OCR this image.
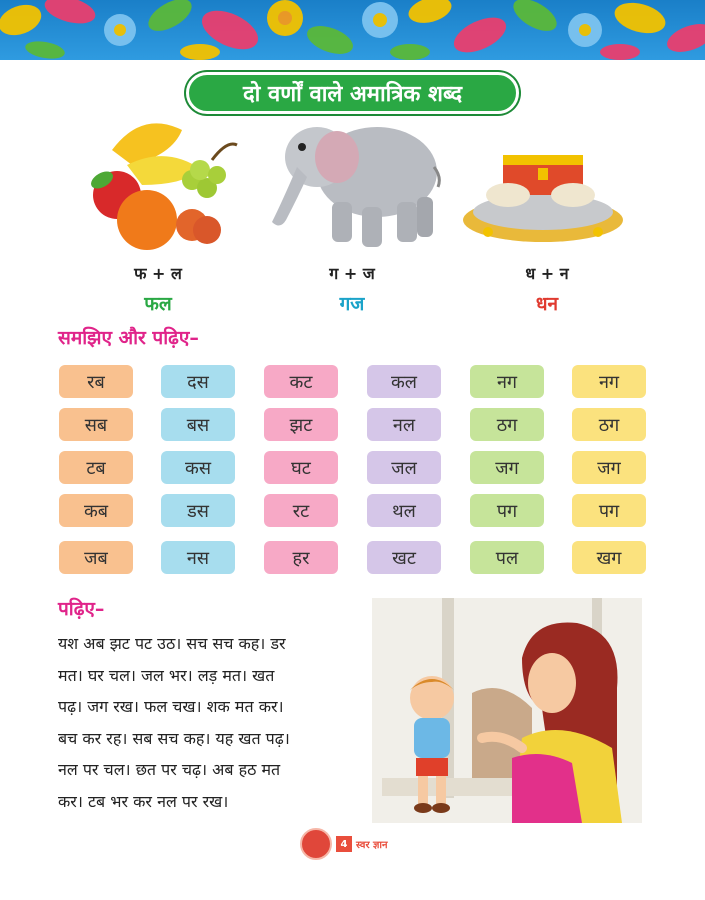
दो वर्णों वाले अमात्रिक शब्द
फ + ल	ग + ज	ध + न
फल	गज	धन
समझिए और पढ़िए–
रब	दस	कट	कल	नग	नग
सब	बस	झट	नल	ठग	ठग
टब	कस	घट	जल	जग	जग
कब	डस	रट	थल	पग	पग
जब	नस	हर	खट	पल	खग
पढ़िए–
यश अब झट पट उठ। सच सच कह। डर
मत। घर चल। जल भर। लड़ मत। खत
पढ़। जग रख। फल चख। शक मत कर।
बच कर रह। सब सच कह। यह खत पढ़।
नल पर चल। छत पर चढ़। अब हठ मत
कर। टब भर कर नल पर रख।
4 स्वर ज्ञान
